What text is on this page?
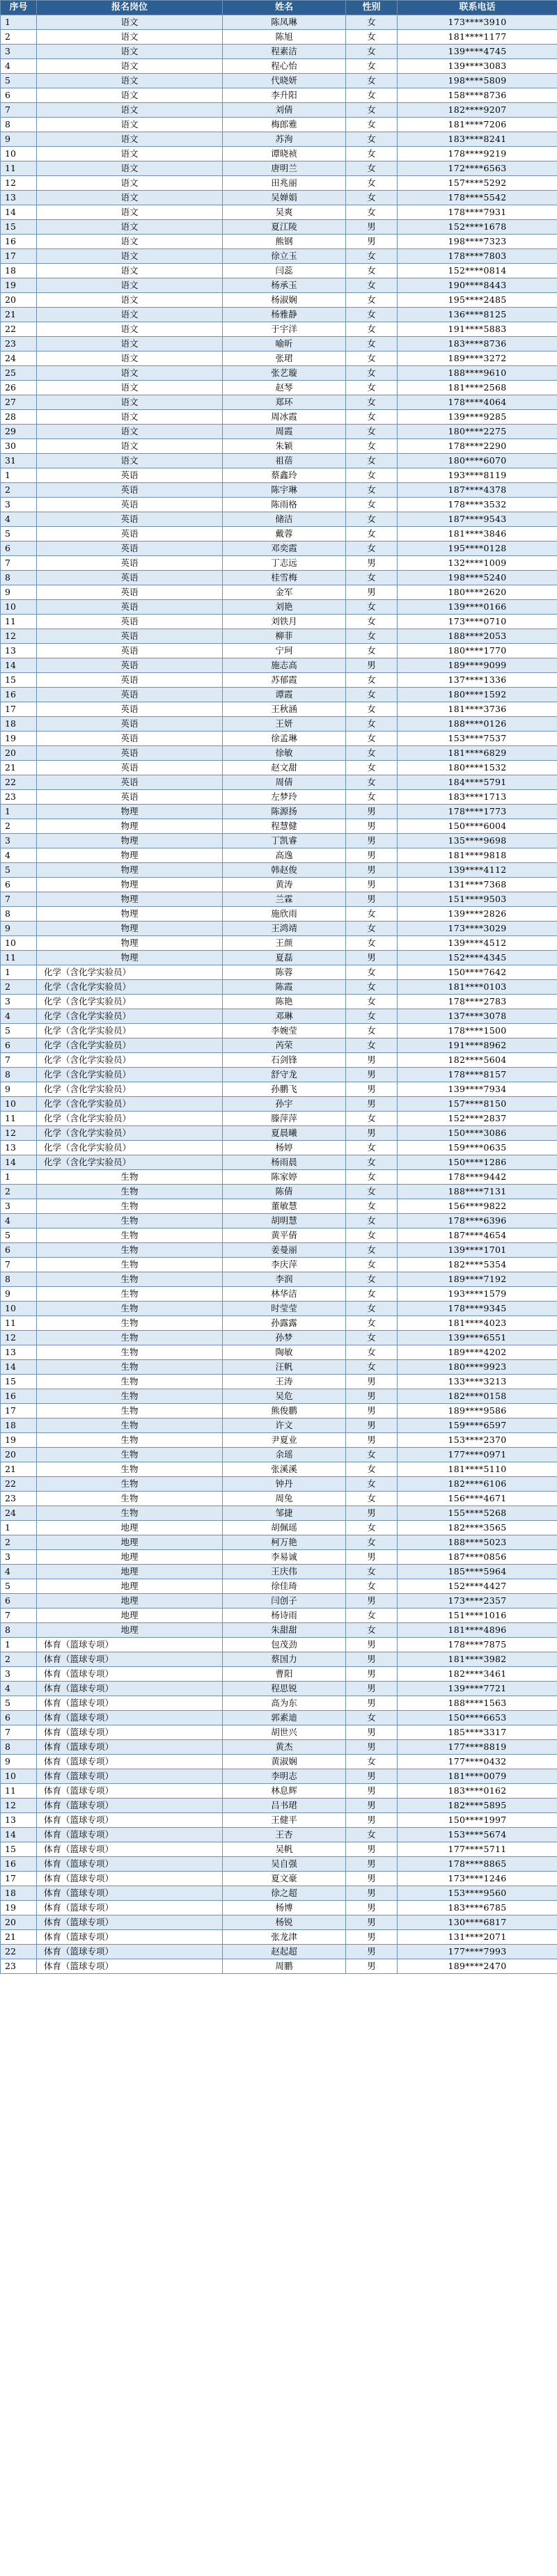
序号	报名岗位	姓名	性别	联系电话
1	语文	陈凤琳	女	173****3910
2	语文	陈旭	女	181****1177
3	语文	程素洁	女	139****4745
4	语文	程心怡	女	139****3083
5	语文	代晓妍	女	198****5809
6	语文	李升阳	女	158****8736
7	语文	刘倩	女	182****9207
8	语文	梅郎雅	女	181****7206
9	语文	苏洵	女	183****8241
10	语文	谭晓祯	女	178****9219
11	语文	唐明兰	女	172****6563
12	语文	田兆丽	女	157****5292
13	语文	吴婵娟	女	178****5542
14	语文	吴爽	女	178****7931
15	语文	夏江陵	男	152****1678
16	语文	熊钢	男	198****7323
17	语文	徐立玉	女	178****7803
18	语文	闫蕊	女	152****0814
19	语文	杨承玉	女	190****8443
20	语文	杨淑娴	女	195****2485
21	语文	杨雅静	女	136****8125
22	语文	于宇洋	女	191****5883
23	语文	喻昕	女	183****8736
24	语文	张珺	女	189****3272
25	语文	张艺璇	女	188****9610
26	语文	赵琴	女	181****2568
27	语文	郑环	女	178****4064
28	语文	周冰霞	女	139****9285
29	语文	周霞	女	180****2275
30	语文	朱颖	女	178****2290
31	语文	祖蓓	女	180****6070
1	英语	蔡鑫玲	女	193****8119
2	英语	陈宇琳	女	187****4378
3	英语	陈雨格	女	178****3532
4	英语	储洁	女	187****9543
5	英语	戴蓉	女	181****3846
6	英语	邓奕霞	女	195****0128
7	英语	丁志远	男	132****1009
8	英语	桂雪梅	女	198****5240
9	英语	金军	男	180****2620
10	英语	刘艳	女	139****0166
11	英语	刘铁月	女	173****0710
12	英语	柳菲	女	188****2053
13	英语	宁珂	女	180****1770
14	英语	施志高	男	189****9099
15	英语	苏郁霞	女	137****1336
16	英语	谭霞	女	180****1592
17	英语	王秋涵	女	181****3736
18	英语	王妍	女	188****0126
19	英语	徐孟琳	女	153****7537
20	英语	徐敏	女	181****6829
21	英语	赵文甜	女	180****1532
22	英语	周倩	女	184****5791
23	英语	左梦玲	女	183****1713
1	物理	陈源扬	男	178****1773
2	物理	程慧健	男	150****6004
3	物理	丁凯睿	男	135****9698
4	物理	高逸	男	181****9818
5	物理	韩赵俊	男	139****4112
6	物理	黄涛	男	131****7368
7	物理	兰霖	男	151****9503
8	物理	施欣雨	女	139****2826
9	物理	王鸿靖	女	173****3029
10	物理	王颜	女	139****4512
11	物理	夏磊	男	152****4345
1	化学（含化学实验员）	陈蓉	女	150****7642
2	化学（含化学实验员）	陈霞	女	181****0103
3	化学（含化学实验员）	陈艳	女	178****2783
4	化学（含化学实验员）	邓琳	女	137****3078
5	化学（含化学实验员）	李婉莹	女	178****1500
6	化学（含化学实验员）	芮荣	女	191****8962
7	化学（含化学实验员）	石剑锋	男	182****5604
8	化学（含化学实验员）	舒守龙	男	178****8157
9	化学（含化学实验员）	孙鹏飞	男	139****7934
10	化学（含化学实验员）	孙宇	男	157****8150
11	化学（含化学实验员）	滕萍萍	女	152****2837
12	化学（含化学实验员）	夏晨曦	男	150****3086
13	化学（含化学实验员）	杨婷	女	159****0635
14	化学（含化学实验员）	杨雨晨	女	150****1286
1	生物	陈家婷	女	178****9442
2	生物	陈倩	女	188****7131
3	生物	董敏慧	女	156****9822
4	生物	胡明慧	女	178****6396
5	生物	黄平倩	女	187****4654
6	生物	姜曼丽	女	139****1701
7	生物	李庆萍	女	182****5354
8	生物	李润	女	189****7192
9	生物	林华洁	女	193****1579
10	生物	时莹莹	女	178****9345
11	生物	孙露露	女	181****4023
12	生物	孙梦	女	139****6551
13	生物	陶敏	女	189****4202
14	生物	汪帆	女	180****9923
15	生物	王涛	男	133****3213
16	生物	吴危	男	182****0158
17	生物	熊俊鹏	男	189****9586
18	生物	许文	男	159****6597
19	生物	尹夏业	男	153****2370
20	生物	余瑶	女	177****0971
21	生物	张溪溪	女	181****5110
22	生物	钟丹	女	182****6106
23	生物	周兔	女	156****4671
24	生物	邹捷	男	155****5268
1	地理	胡佩瑶	女	182****3565
2	地理	柯万艳	女	188****5023
3	地理	李易诚	男	187****0856
4	地理	王庆伟	女	185****5964
5	地理	徐佳琦	女	152****4427
6	地理	闫创子	男	173****2357
7	地理	杨诗雨	女	151****1016
8	地理	朱甜甜	女	181****4896
1	体育（篮球专项）	包茂劲	男	178****7875
2	体育（篮球专项）	蔡国力	男	181****3982
3	体育（篮球专项）	曹阳	男	182****3461
4	体育（篮球专项）	程思锐	男	139****7721
5	体育（篮球专项）	高为东	男	188****1563
6	体育（篮球专项）	郭素迪	女	150****6653
7	体育（篮球专项）	胡世兴	男	185****3317
8	体育（篮球专项）	黄杰	男	177****8819
9	体育（篮球专项）	黄淑娴	女	177****0432
10	体育（篮球专项）	李明志	男	181****0079
11	体育（篮球专项）	林息辉	男	183****0162
12	体育（篮球专项）	吕书珺	男	182****5895
13	体育（篮球专项）	王健平	男	150****1997
14	体育（篮球专项）	王杏	女	153****5674
15	体育（篮球专项）	吴帆	男	177****5711
16	体育（篮球专项）	吴自强	男	178****8865
17	体育（篮球专项）	夏文豪	男	173****1246
18	体育（篮球专项）	徐之超	男	153****9560
19	体育（篮球专项）	杨博	男	183****6785
20	体育（篮球专项）	杨锐	男	130****6817
21	体育（篮球专项）	张龙津	男	131****2071
22	体育（篮球专项）	赵起超	男	177****7993
23	体育（篮球专项）	周鹏	男	189****2470
